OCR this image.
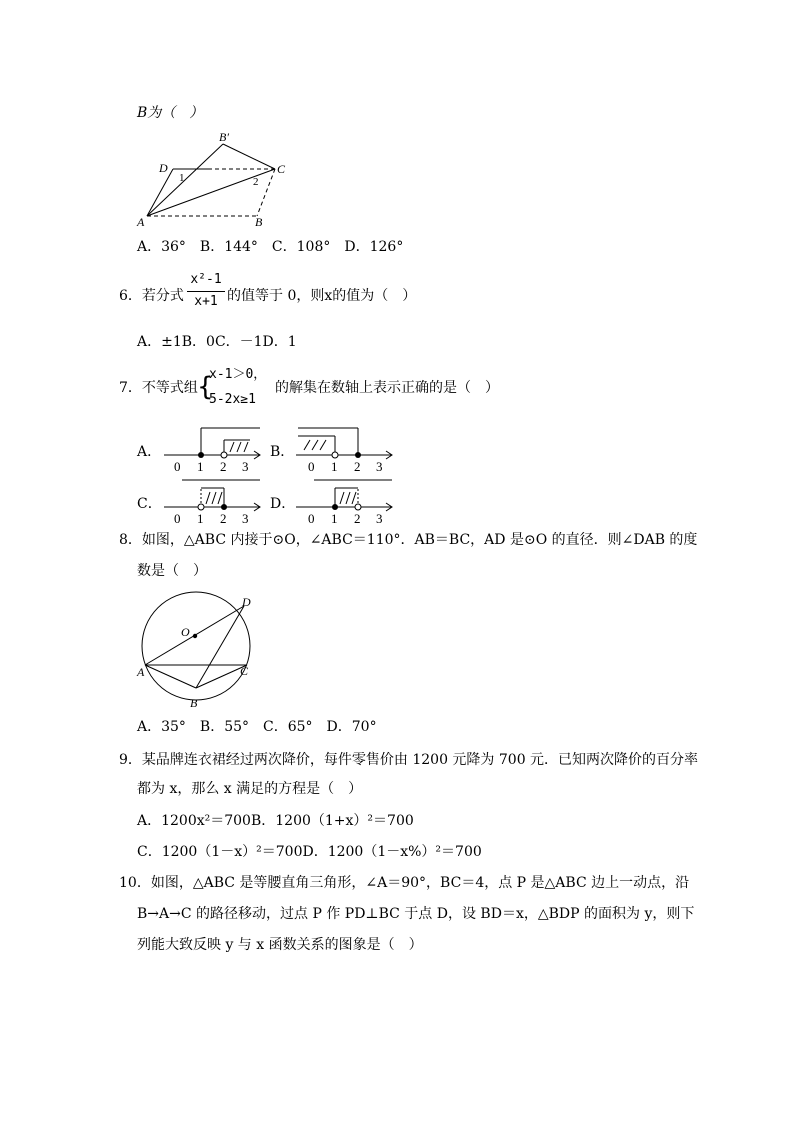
B为（　）
B′
D	C
A	B
1	2
A．36°　B．144°　C．108°　D．126°
6．若分式
x²-1
x+1 的值等于 0，则x的值为（　）
A．±1B．0C．－1D．1
7．不等式组 {
x-1＞0，
5-2x≥1
的解集在数轴上表示正确的是（　）
A．
0 1 2 3
B．
0 1 2 3
C．
0 1 2 3
D．
0 1 2 3
8．如图，△ABC 内接于⊙O，∠ABC＝110°．AB＝BC，AD 是⊙O 的直径．则∠DAB 的度
数是（　）
O
D
A	C
B
A．35°　B．55°　C．65°　D．70°
9．某品牌连衣裙经过两次降价，每件零售价由 1200 元降为 700 元．已知两次降价的百分率
都为 x，那么 x 满足的方程是（　）
A．1200x²＝700B．1200（1+x）²＝700
C．1200（1－x）²＝700D．1200（1－x%）²＝700
10．如图，△ABC 是等腰直角三角形，∠A＝90°，BC＝4，点 P 是△ABC 边上一动点，沿
B→A→C 的路径移动，过点 P 作 PD⊥BC 于点 D，设 BD＝x，△BDP 的面积为 y，则下
列能大致反映 y 与 x 函数关系的图象是（　）
